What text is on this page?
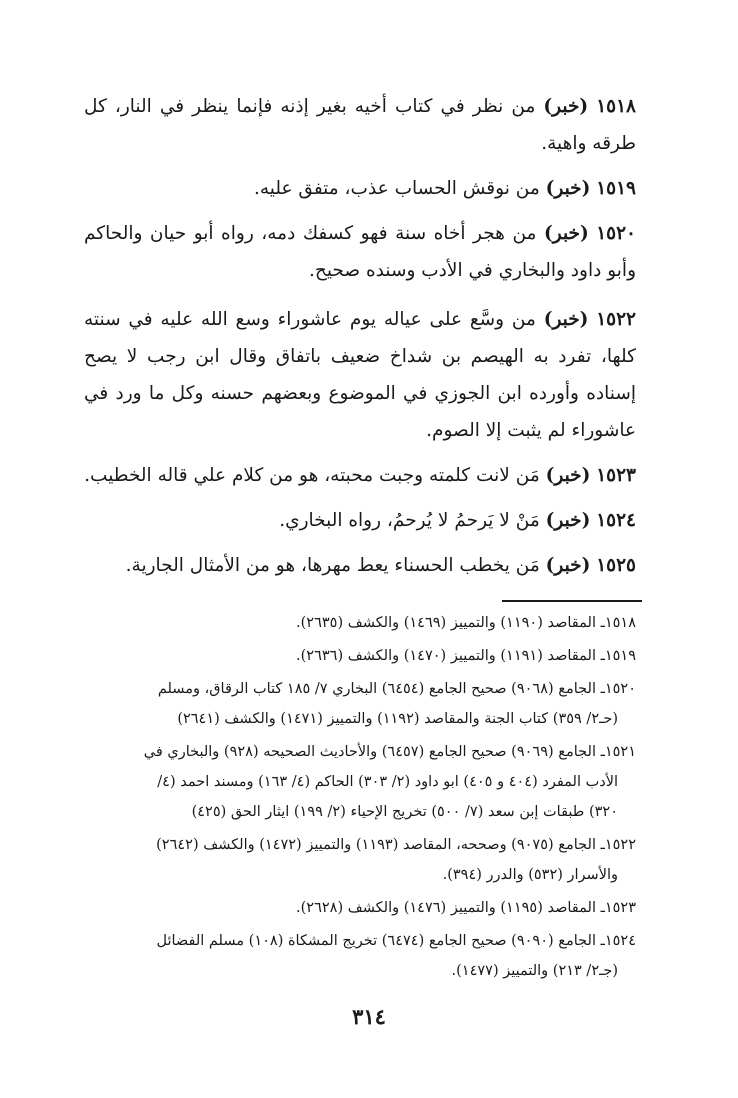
١٥١٨ (خبر) من نظر في كتاب أخيه بغير إذنه فإنما ينظر في النار، كل طرقه واهية.

١٥١٩ (خبر) من نوقش الحساب عذب، متفق عليه.

١٥٢٠ (خبر) من هجر أخاه سنة فهو كسفك دمه، رواه أبو حيان والحاكم وأبو داود والبخاري في الأدب وسنده صحيح.

١٥٢٢ (خبر) من وسَّع على عياله يوم عاشوراء وسع الله عليه في سنته كلها، تفرد به الهيصم بن شداخ ضعيف باتفاق وقال ابن رجب لا يصح إسناده وأورده ابن الجوزي في الموضوع وبعضهم حسنه وكل ما ورد في عاشوراء لم يثبت إلا الصوم.

١٥٢٣ (خبر) مَن لانت كلمته وجبت محبته، هو من كلام علي قاله الخطيب.

١٥٢٤ (خبر) مَنْ لا يَرحمُ لا يُرحمُ، رواه البخاري.

١٥٢٥ (خبر) مَن يخطب الحسناء يعط مهرها، هو من الأمثال الجارية.

١٥١٨ـ المقاصد (١١٩٠) والتمييز (١٤٦٩) والكشف (٢٦٣٥).

١٥١٩ـ المقاصد (١١٩١) والتمييز (١٤٧٠) والكشف (٢٦٣٦).

١٥٢٠ـ الجامع (٩٠٦٨) صحيح الجامع (٦٤٥٤) البخاري ٧/ ١٨٥ كتاب الرقاق، ومسلم
(حـ٢/ ٣٥٩) كتاب الجنة والمقاصد (١١٩٢) والتمييز (١٤٧١) والكشف (٢٦٤١)

١٥٢١ـ الجامع (٩٠٦٩) صحيح الجامع (٦٤٥٧) والأحاديث الصحيحه (٩٢٨) والبخاري في
الأدب المفرد (٤٠٤ و ٤٠٥) ابو داود (٢/ ٣٠٣) الحاكم (٤/ ١٦٣) ومسند احمد (٤/
٣٢٠) طبقات إبن سعد (٧/ ٥٠٠) تخريج الإحياء (٢/ ١٩٩) ايثار الحق (٤٢٥)

١٥٢٢ـ الجامع (٩٠٧٥) وصححه، المقاصد (١١٩٣) والتمييز (١٤٧٢) والكشف (٢٦٤٢)
والأسرار (٥٣٢) والدرر (٣٩٤).

١٥٢٣ـ المقاصد (١١٩٥) والتمييز (١٤٧٦) والكشف (٢٦٢٨).

١٥٢٤ـ الجامع (٩٠٩٠) صحيح الجامع (٦٤٧٤) تخريج المشكاة (١٠٨) مسلم الفضائل
(جـ٢/ ٢١٣) والتمييز (١٤٧٧).

٣١٤
